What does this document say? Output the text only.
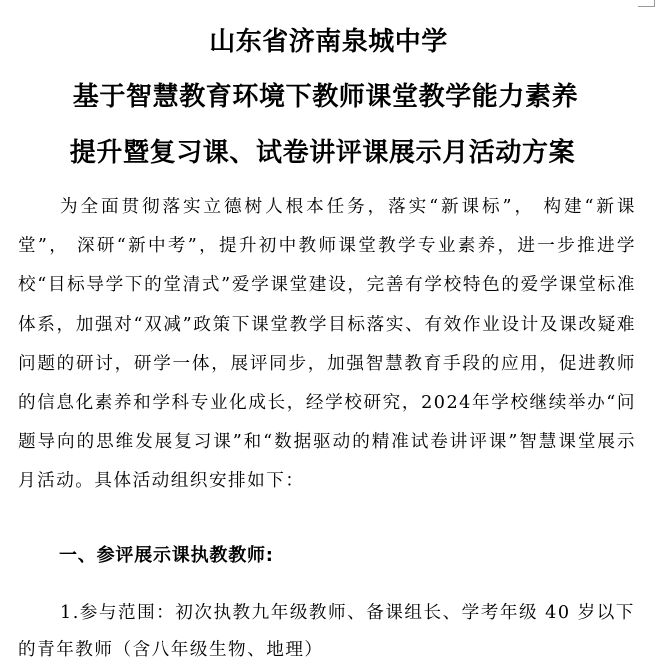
山东省济南泉城中学
基于智慧教育环境下教师课堂教学能力素养
提升暨复习课、试卷讲评课展示月活动方案

为全面贯彻落实立德树人根本任务，落实“新课标”， 构建“新课堂”， 深研“新中考”，提升初中教师课堂教学专业素养，进一步推进学校“目标导学下的堂清式”爱学课堂建设，完善有学校特色的爱学课堂标准体系，加强对“双减”政策下课堂教学目标落实、有效作业设计及课改疑难问题的研讨，研学一体，展评同步，加强智慧教育手段的应用，促进教师的信息化素养和学科专业化成长，经学校研究，2024年学校继续举办“问题导向的思维发展复习课”和“数据驱动的精准试卷讲评课”智慧课堂展示月活动。具体活动组织安排如下：

一、参评展示课执教教师:

1.参与范围：初次执教九年级教师、备课组长、学考年级 40 岁以下的青年教师（含八年级生物、地理）
